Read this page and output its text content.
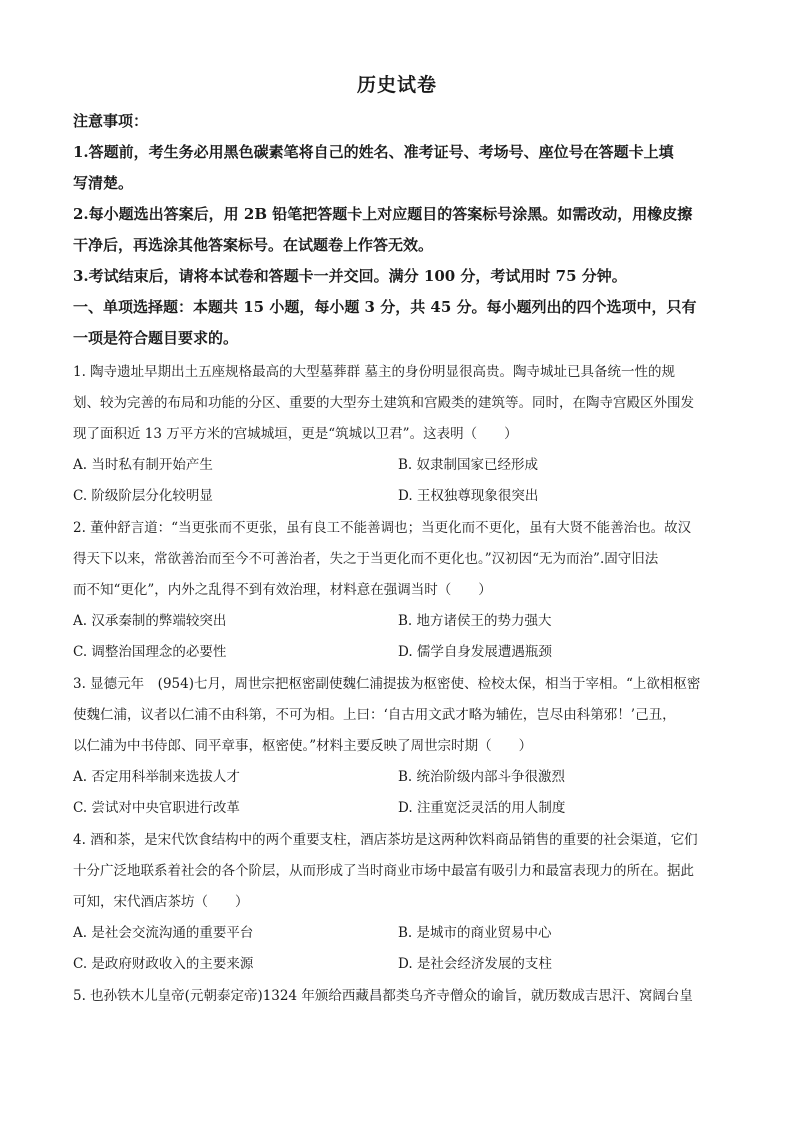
历史试卷
注意事项：
1.答题前，考生务必用黑色碳素笔将自己的姓名、准考证号、考场号、座位号在答题卡上填
写清楚。
2.每小题选出答案后，用 2B 铅笔把答题卡上对应题目的答案标号涂黑。如需改动，用橡皮擦
干净后，再选涂其他答案标号。在试题卷上作答无效。
3.考试结束后，请将本试卷和答题卡一并交回。满分 100 分，考试用时 75 分钟。
一、单项选择题：本题共 15 小题，每小题 3 分，共 45 分。每小题列出的四个选项中，只有
一项是符合题目要求的。
1. 陶寺遗址早期出土五座规格最高的大型墓葬群 墓主的身份明显很高贵。陶寺城址已具备统一性的规
划、较为完善的布局和功能的分区、重要的大型夯土建筑和宫殿类的建筑等。同时，在陶寺宫殿区外围发
现了面积近 13 万平方米的宫城城垣，更是“筑城以卫君”。这表明（　　）
A. 当时私有制开始产生	B. 奴隶制国家已经形成
C. 阶级阶层分化较明显	D. 王权独尊现象很突出
2. 董仲舒言道：“当更张而不更张，虽有良工不能善调也；当更化而不更化，虽有大贤不能善治也。故汉
得天下以来，常欲善治而至今不可善治者，失之于当更化而不更化也。”汉初因“无为而治”.固守旧法
而不知“更化”，内外之乱得不到有效治理，材料意在强调当时（　　）
A. 汉承秦制的弊端较突出	B. 地方诸侯王的势力强大
C. 调整治国理念的必要性	D. 儒学自身发展遭遇瓶颈
3. 显德元年　(954)七月，周世宗把枢密副使魏仁浦提拔为枢密使、检校太保，相当于宰相。“上欲相枢密
使魏仁浦，议者以仁浦不由科第，不可为相。上曰：‘自古用文武才略为辅佐，岂尽由科第邪！’己丑，
以仁浦为中书侍郎、同平章事，枢密使。”材料主要反映了周世宗时期（　　）
A. 否定用科举制来选拔人才	B. 统治阶级内部斗争很激烈
C. 尝试对中央官职进行改革	D. 注重宽泛灵活的用人制度
4. 酒和茶，是宋代饮食结构中的两个重要支柱，酒店茶坊是这两种饮料商品销售的重要的社会渠道，它们
十分广泛地联系着社会的各个阶层，从而形成了当时商业市场中最富有吸引力和最富表现力的所在。据此
可知，宋代酒店茶坊（　　）
A. 是社会交流沟通的重要平台	B. 是城市的商业贸易中心
C. 是政府财政收入的主要来源	D. 是社会经济发展的支柱
5. 也孙铁木儿皇帝(元朝泰定帝)1324 年颁给西藏昌都类乌齐寺僧众的谕旨，就历数成吉思汗、窝阔台皇
